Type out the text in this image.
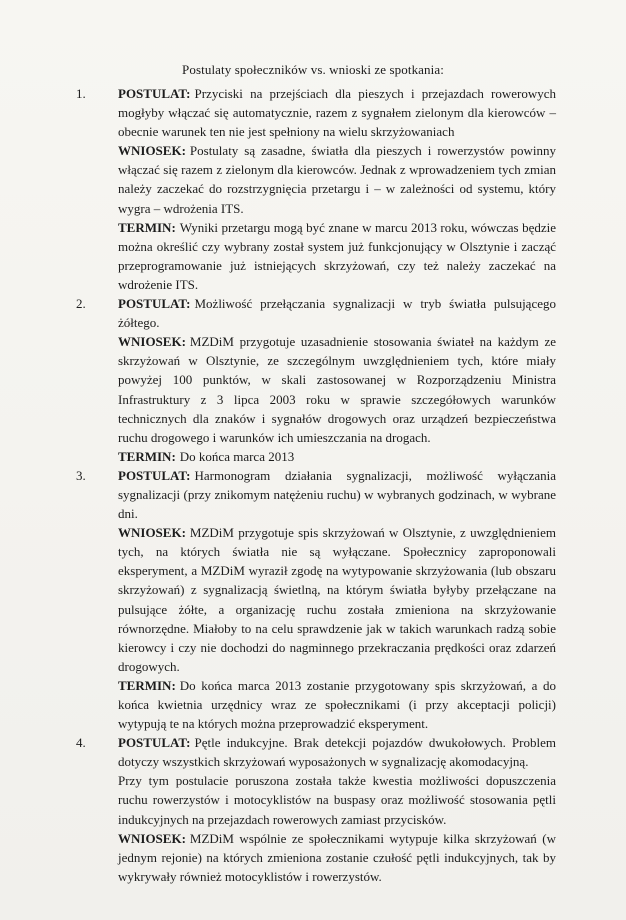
Postulaty społeczników vs. wnioski ze spotkania:
1. POSTULAT: Przyciski na przejściach dla pieszych i przejazdach rowerowych mogłyby włączać się automatycznie, razem z sygnałem zielonym dla kierowców – obecnie warunek ten nie jest spełniony na wielu skrzyżowaniach

WNIOSEK: Postulaty są zasadne, światła dla pieszych i rowerzystów powinny włączać się razem z zielonym dla kierowców. Jednak z wprowadzeniem tych zmian należy zaczekać do rozstrzygnięcia przetargu i – w zależności od systemu, który wygra – wdrożenia ITS.

TERMIN: Wyniki przetargu mogą być znane w marcu 2013 roku, wówczas będzie można określić czy wybrany został system już funkcjonujący w Olsztynie i zacząć przeprogramowanie już istniejących skrzyżowań, czy też należy zaczekać na wdrożenie ITS.

2. POSTULAT: Możliwość przełączania sygnalizacji w tryb światła pulsującego żółtego.

WNIOSEK: MZDiM przygotuje uzasadnienie stosowania świateł na każdym ze skrzyżowań w Olsztynie, ze szczególnym uwzględnieniem tych, które miały powyżej 100 punktów, w skali zastosowanej w Rozporządzeniu Ministra Infrastruktury z 3 lipca 2003 roku w sprawie szczegółowych warunków technicznych dla znaków i sygnałów drogowych oraz urządzeń bezpieczeństwa ruchu drogowego i warunków ich umieszczania na drogach.

TERMIN: Do końca marca 2013

3. POSTULAT: Harmonogram działania sygnalizacji, możliwość wyłączania sygnalizacji (przy znikomym natężeniu ruchu) w wybranych godzinach, w wybrane dni.

WNIOSEK: MZDiM przygotuje spis skrzyżowań w Olsztynie, z uwzględnieniem tych, na których światła nie są wyłączane. Społecznicy zaproponowali eksperyment, a MZDiM wyraził zgodę na wytypowanie skrzyżowania (lub obszaru skrzyżowań) z sygnalizacją świetlną, na którym światła byłyby przełączane na pulsujące żółte, a organizację ruchu została zmieniona na skrzyżowanie równorzędne. Miałoby to na celu sprawdzenie jak w takich warunkach radzą sobie kierowcy i czy nie dochodzi do nagminnego przekraczania prędkości oraz zdarzeń drogowych.

TERMIN: Do końca marca 2013 zostanie przygotowany spis skrzyżowań, a do końca kwietnia urzędnicy wraz ze społecznikami (i przy akceptacji policji) wytypują te na których można przeprowadzić eksperyment.

4. POSTULAT: Pętle indukcyjne. Brak detekcji pojazdów dwukołowych. Problem dotyczy wszystkich skrzyżowań wyposażonych w sygnalizację akomodacyjną.

Przy tym postulacie poruszona została także kwestia możliwości dopuszczenia ruchu rowerzystów i motocyklistów na buspasy oraz możliwość stosowania pętli indukcyjnych na przejazdach rowerowych zamiast przycisków.

WNIOSEK: MZDiM wspólnie ze społecznikami wytypuje kilka skrzyżowań (w jednym rejonie) na których zmieniona zostanie czułość pętli indukcyjnych, tak by wykrywały również motocyklistów i rowerzystów.
